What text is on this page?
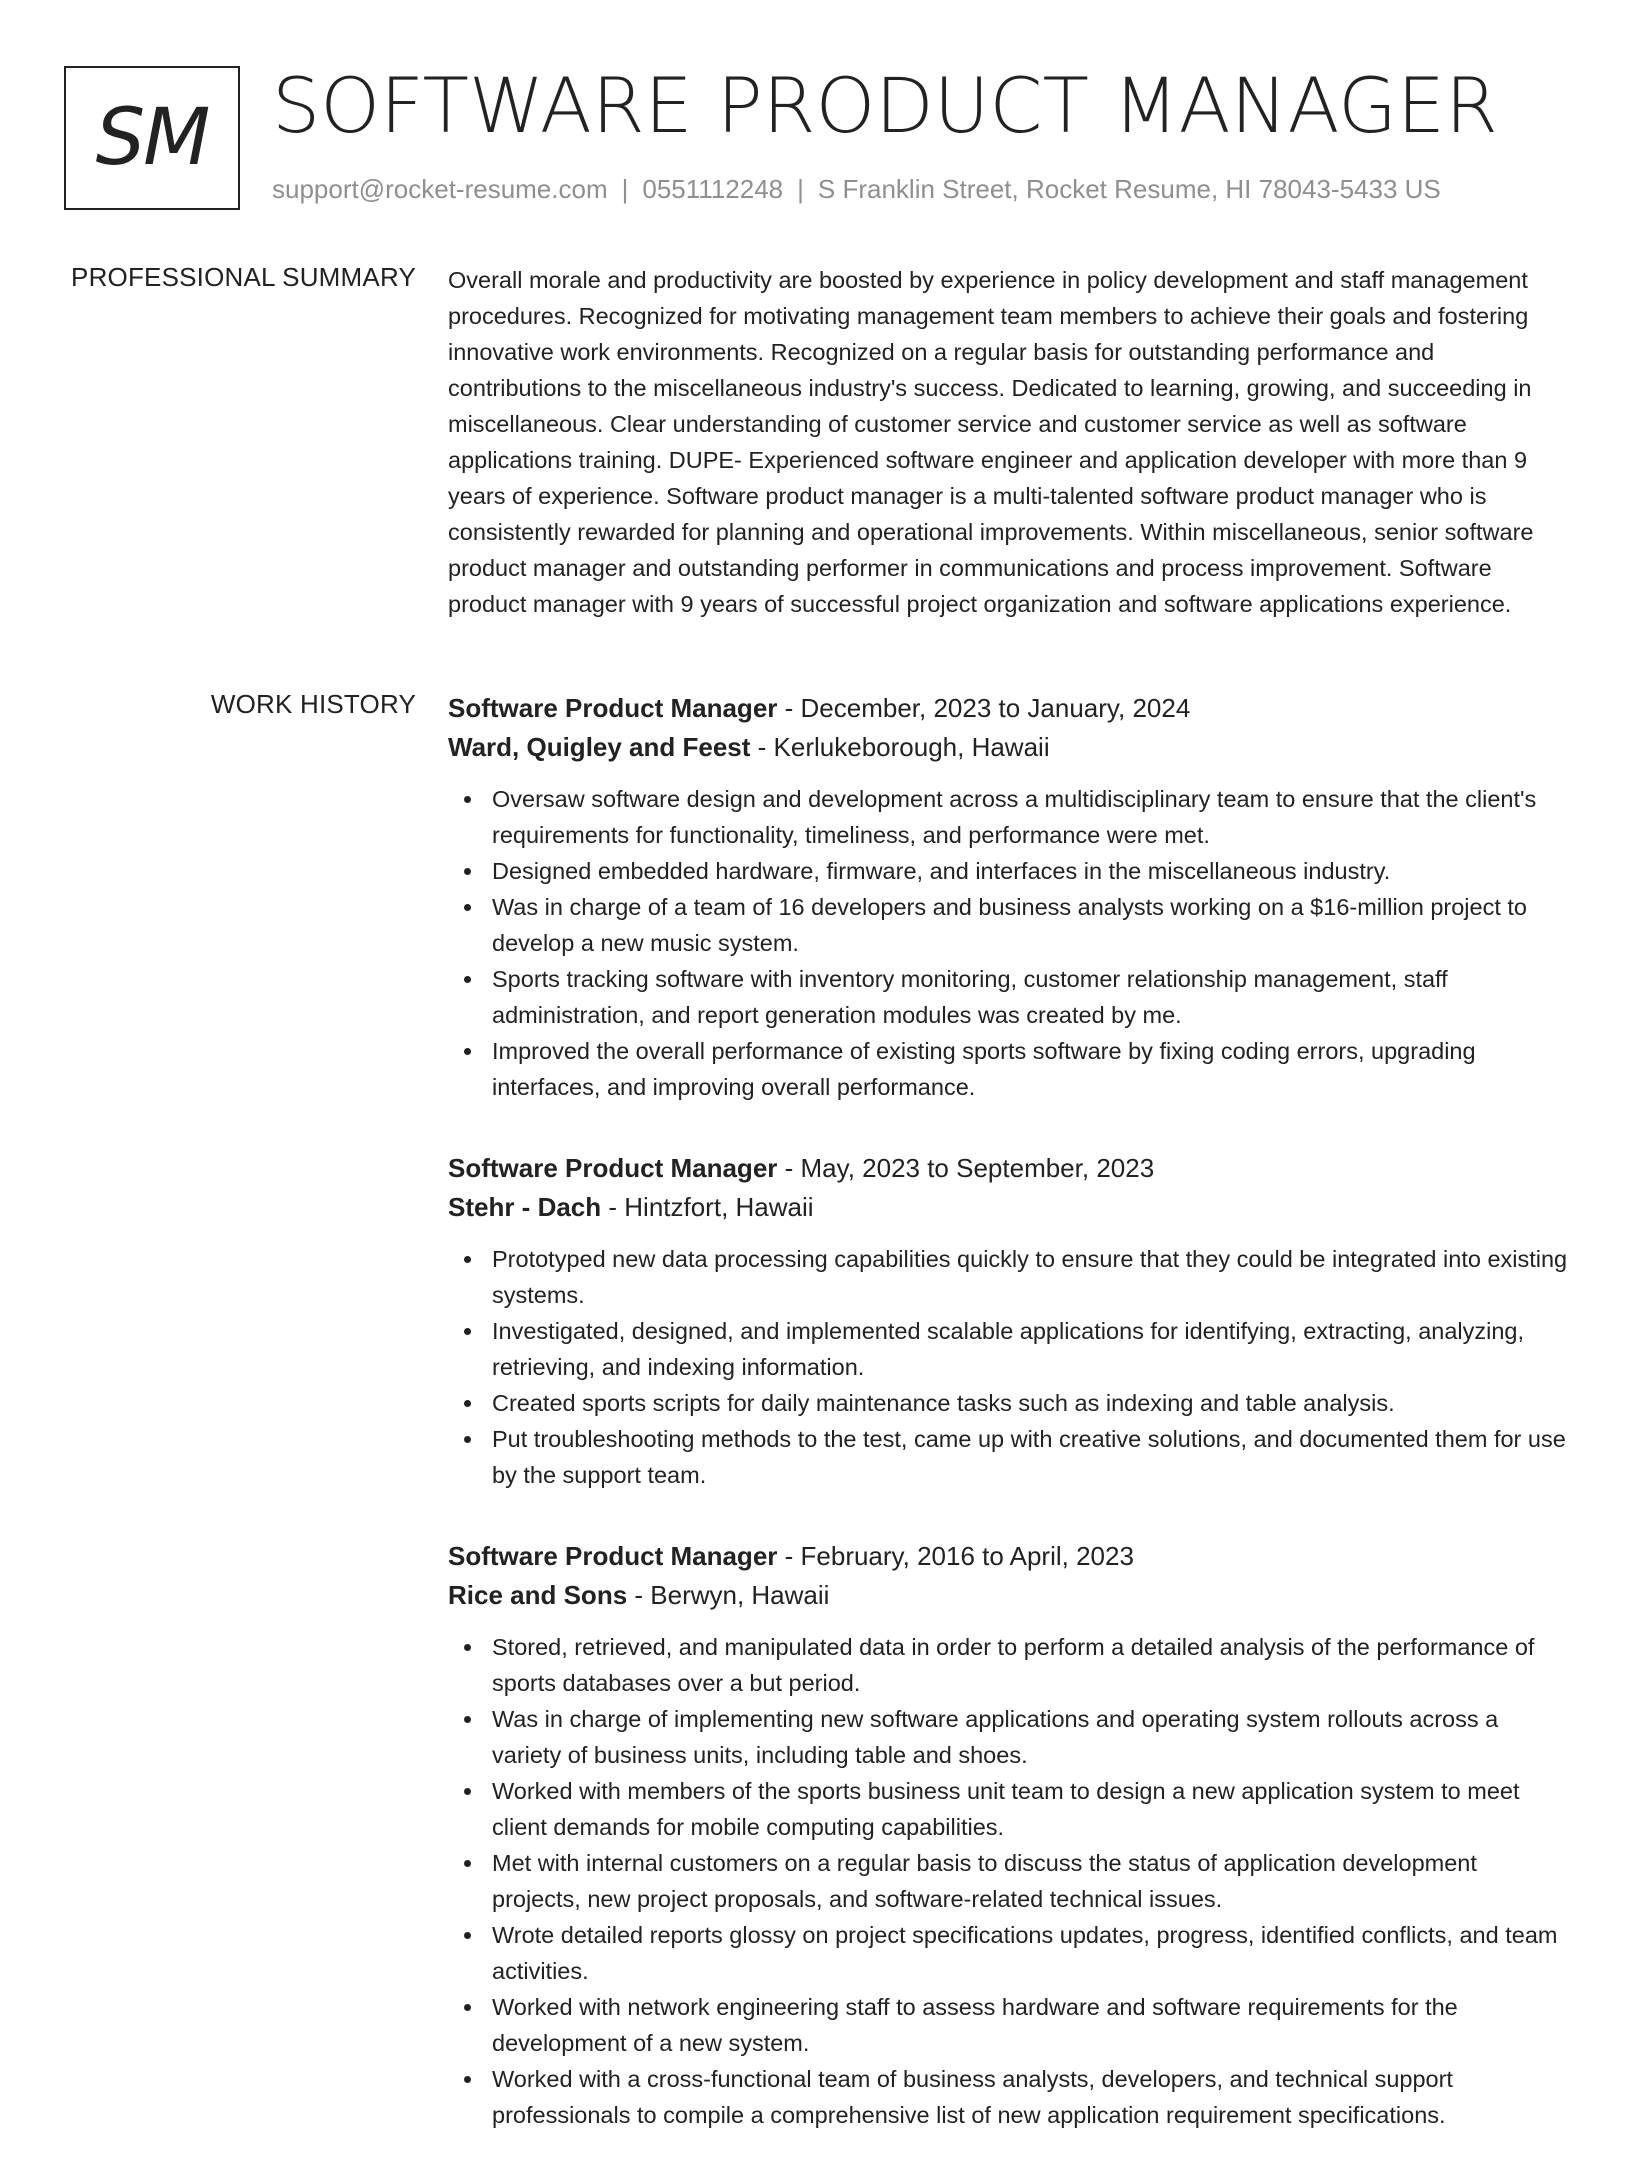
SM SOFTWARE PRODUCT MANAGER
support@rocket-resume.com | 0551112248 | S Franklin Street, Rocket Resume, HI 78043-5433 US
PROFESSIONAL SUMMARY Overall morale and productivity are boosted by experience in policy development and staff management procedures. Recognized for motivating management team members to achieve their goals and fostering innovative work environments. Recognized on a regular basis for outstanding performance and contributions to the miscellaneous industry's success. Dedicated to learning, growing, and succeeding in miscellaneous. Clear understanding of customer service and customer service as well as software applications training. DUPE- Experienced software engineer and application developer with more than 9 years of experience. Software product manager is a multi-talented software product manager who is consistently rewarded for planning and operational improvements. Within miscellaneous, senior software product manager and outstanding performer in communications and process improvement. Software product manager with 9 years of successful project organization and software applications experience.

WORK HISTORY Software Product Manager - December, 2023 to January, 2024
Ward, Quigley and Feest - Kerlukeborough, Hawaii
Oversaw software design and development across a multidisciplinary team to ensure that the client's requirements for functionality, timeliness, and performance were met.
Designed embedded hardware, firmware, and interfaces in the miscellaneous industry.
Was in charge of a team of 16 developers and business analysts working on a $16-million project to develop a new music system.
Sports tracking software with inventory monitoring, customer relationship management, staff administration, and report generation modules was created by me.
Improved the overall performance of existing sports software by fixing coding errors, upgrading interfaces, and improving overall performance.
Software Product Manager - May, 2023 to September, 2023
Stehr - Dach - Hintzfort, Hawaii
Prototyped new data processing capabilities quickly to ensure that they could be integrated into existing systems.
Investigated, designed, and implemented scalable applications for identifying, extracting, analyzing, retrieving, and indexing information.
Created sports scripts for daily maintenance tasks such as indexing and table analysis.
Put troubleshooting methods to the test, came up with creative solutions, and documented them for use by the support team.
Software Product Manager - February, 2016 to April, 2023
Rice and Sons - Berwyn, Hawaii
Stored, retrieved, and manipulated data in order to perform a detailed analysis of the performance of sports databases over a but period.
Was in charge of implementing new software applications and operating system rollouts across a variety of business units, including table and shoes.
Worked with members of the sports business unit team to design a new application system to meet client demands for mobile computing capabilities.
Met with internal customers on a regular basis to discuss the status of application development projects, new project proposals, and software-related technical issues.
Wrote detailed reports glossy on project specifications updates, progress, identified conflicts, and team activities.
Worked with network engineering staff to assess hardware and software requirements for the development of a new system.
Worked with a cross-functional team of business analysts, developers, and technical support professionals to compile a comprehensive list of new application requirement specifications.
